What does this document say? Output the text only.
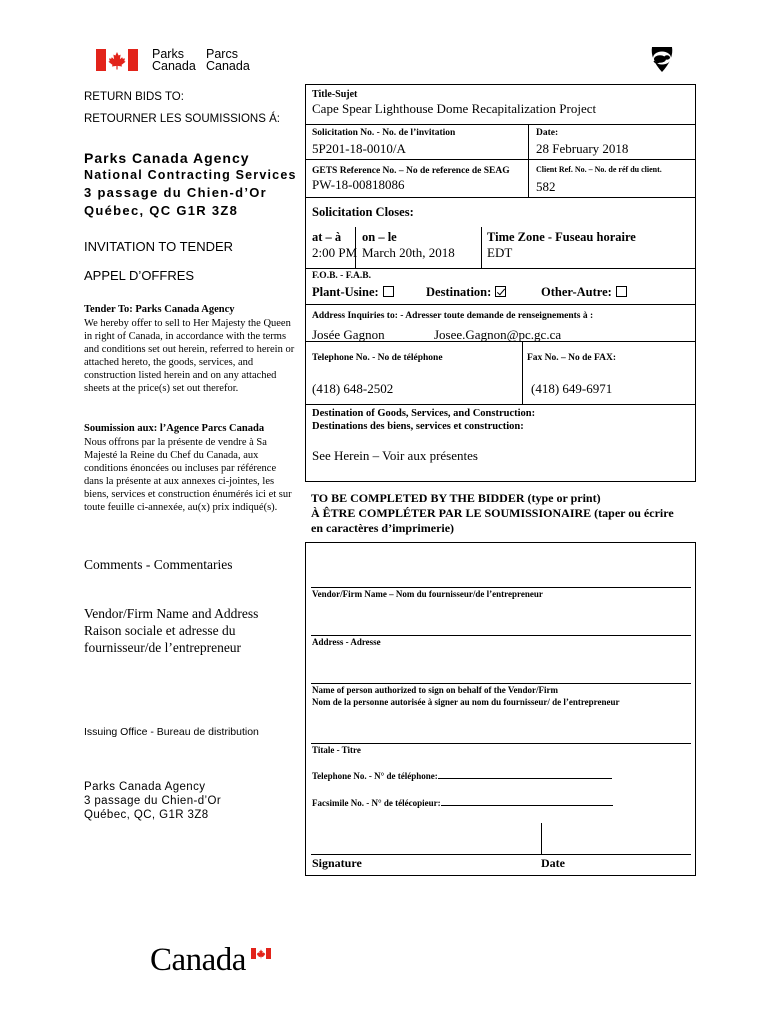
Parks
Canada
Parcs
Canada
RETURN BIDS TO:
RETOURNER LES SOUMISSIONS Á:
Parks Canada Agency
National Contracting Services
3 passage du Chien-d’Or
Québec, QC G1R 3Z8
INVITATION TO TENDER
APPEL D’OFFRES
Tender To: Parks Canada Agency
We hereby offer to sell to Her Majesty the Queen in right of Canada, in accordance with the terms and conditions set out herein, referred to herein or attached hereto, the goods, services, and construction listed herein and on any attached sheets at the price(s) set out therefor.
Soumission aux: l’Agence Parcs Canada
Nous offrons par la présente de vendre à Sa Majesté la Reine du Chef du Canada, aux conditions énoncées ou incluses par référence dans la présente at aux annexes ci-jointes, les biens, services et construction énumérés ici et sur toute feuille ci-annexée, au(x) prix indiqué(s).
Comments - Commentaries
Vendor/Firm Name and Address
Raison sociale et adresse du
fournisseur/de l’entrepreneur
Issuing Office - Bureau de distribution
Parks Canada Agency
3 passage du Chien-d’Or
Québec, QC, G1R 3Z8
Title-Sujet
Cape Spear Lighthouse Dome Recapitalization Project
Solicitation No. - No. de l’invitation
5P201-18-0010/A
Date:
28 February 2018
GETS Reference No. – No de reference de SEAG
PW-18-00818086
Client Ref. No. – No. de réf du client.
582
Solicitation Closes:
at – à
2:00 PM
on – le
March 20th, 2018
Time Zone - Fuseau horaire
EDT
F.O.B. - F.A.B.
Plant-Usine:	Destination:	Other-Autre:
Address Inquiries to: - Adresser toute demande de renseignements à :
Josée Gagnon	Josee.Gagnon@pc.gc.ca
Telephone No. - No de téléphone	Fax No. – No de FAX:
(418) 648-2502	(418) 649-6971
Destination of Goods, Services, and Construction:
Destinations des biens, services et construction:
See Herein – Voir aux présentes
TO BE COMPLETED BY THE BIDDER (type or print)
À ÊTRE COMPLÉTER PAR LE SOUMISSIONAIRE (taper ou écrire
en caractères d’imprimerie)
Vendor/Firm Name – Nom du fournisseur/de l’entrepreneur
Address - Adresse
Name of person authorized to sign on behalf of the Vendor/Firm
Nom de la personne autorisée à signer au nom du fournisseur/ de l’entrepreneur
Titale - Titre
Telephone No. - N° de téléphone:
Facsimile No. - N° de télécopieur:
Signature	Date
Canada
